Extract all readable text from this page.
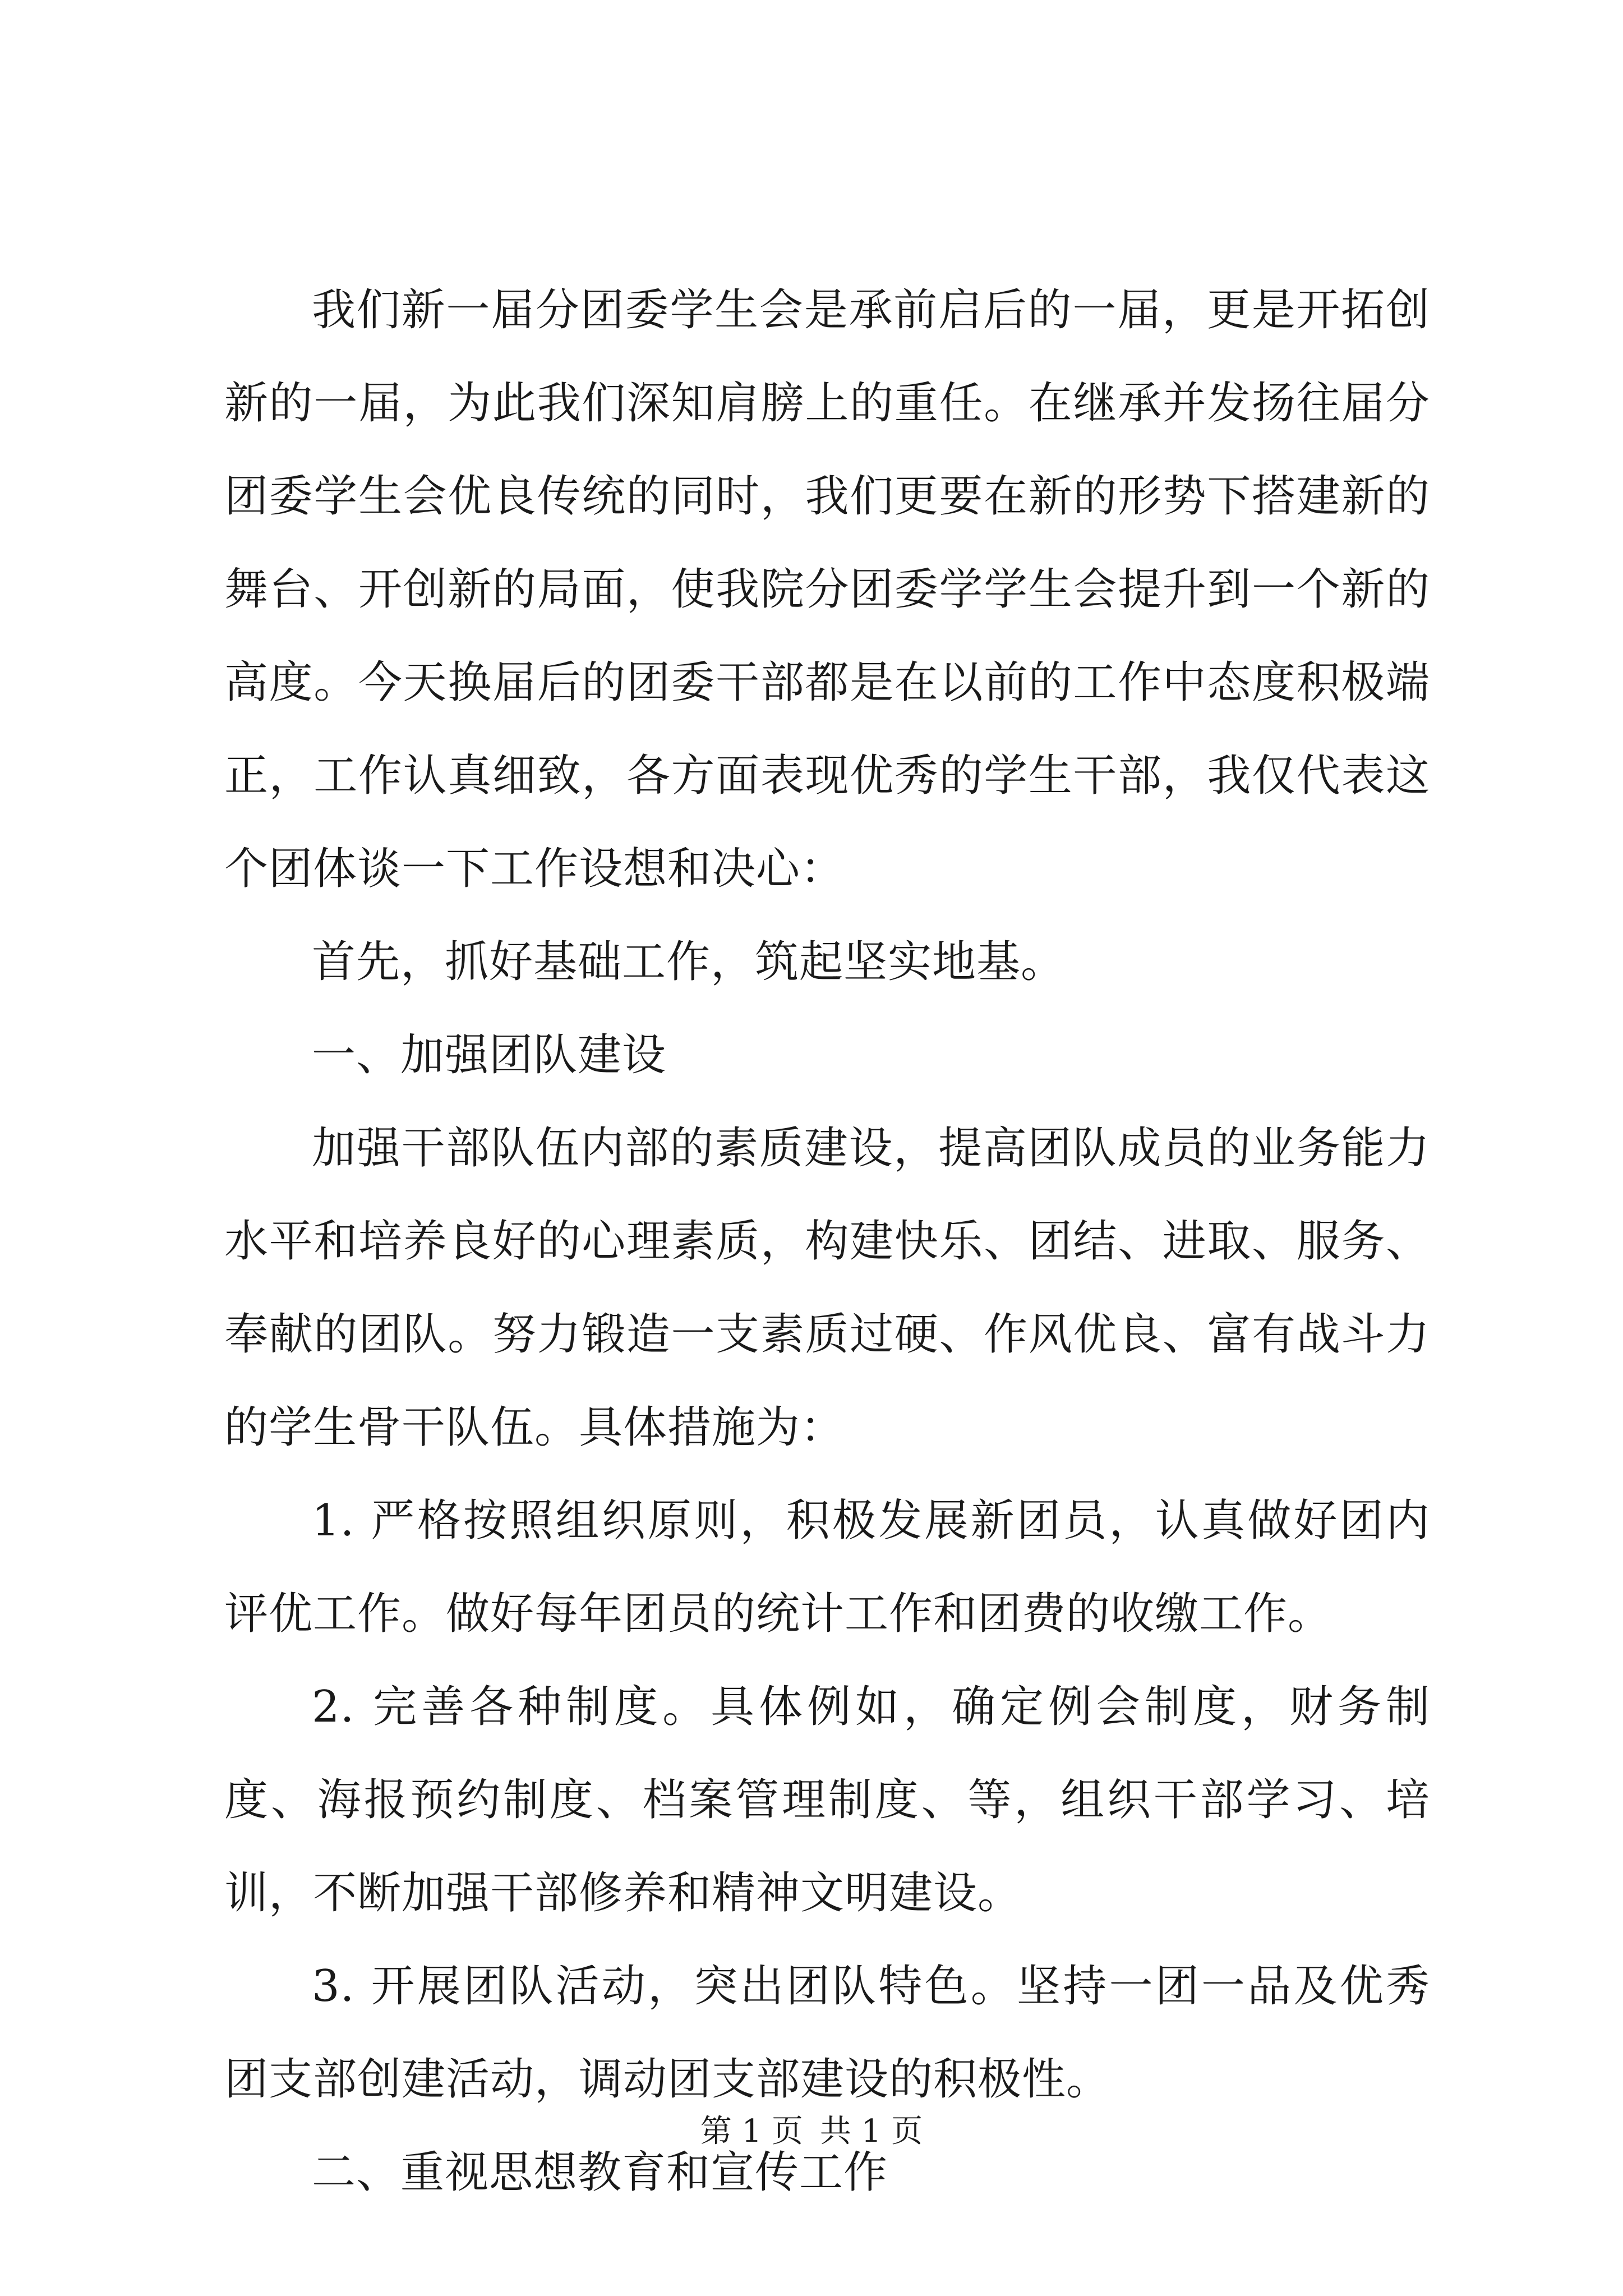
我们新一届分团委学生会是承前启后的一届，更是开拓创新的一届，为此我们深知肩膀上的重任。在继承并发扬往届分团委学生会优良传统的同时，我们更要在新的形势下搭建新的舞台、开创新的局面，使我院分团委学学生会提升到一个新的高度。今天换届后的团委干部都是在以前的工作中态度积极端正，工作认真细致，各方面表现优秀的学生干部，我仅代表这个团体谈一下工作设想和决心：

首先，抓好基础工作，筑起坚实地基。

一、加强团队建设

加强干部队伍内部的素质建设，提高团队成员的业务能力水平和培养良好的心理素质，构建快乐、团结、进取、服务、奉献的团队。努力锻造一支素质过硬、作风优良、富有战斗力的学生骨干队伍。具体措施为：

1. 严格按照组织原则，积极发展新团员，认真做好团内评优工作。做好每年团员的统计工作和团费的收缴工作。

2. 完善各种制度。具体例如，确定例会制度，财务制度、海报预约制度、档案管理制度、等，组织干部学习、培训，不断加强干部修养和精神文明建设。

3. 开展团队活动，突出团队特色。坚持一团一品及优秀团支部创建活动，调动团支部建设的积极性。

二、重视思想教育和宣传工作

第 1 页 共 1 页
